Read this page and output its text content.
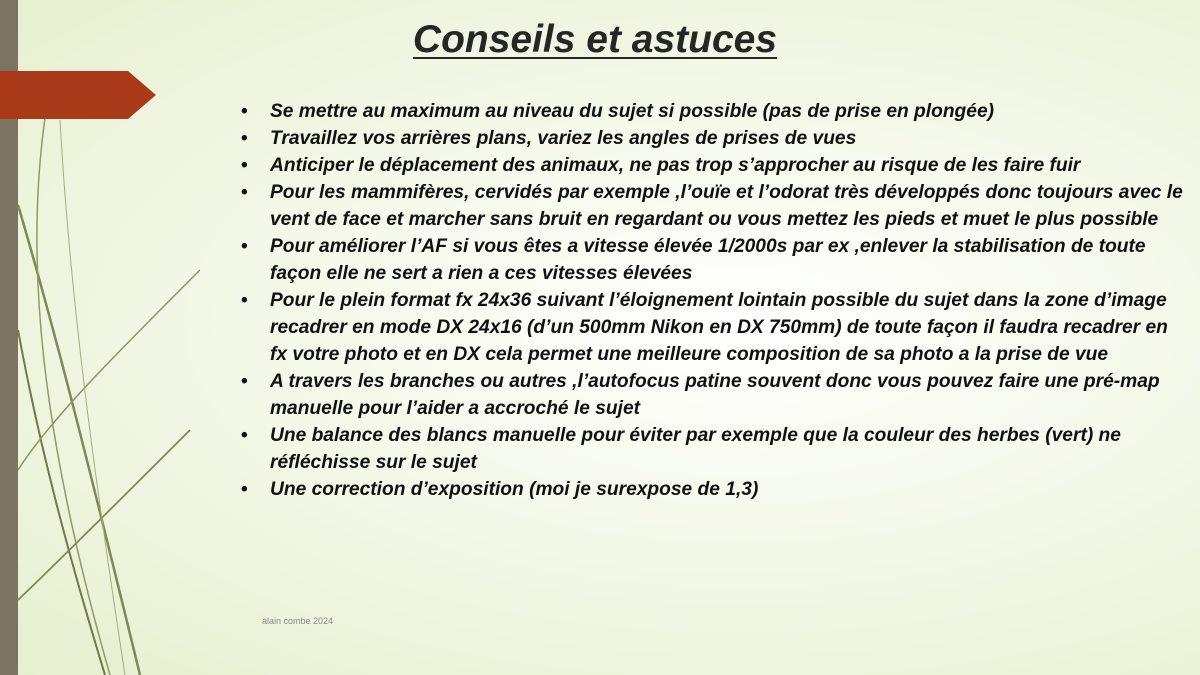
Conseils et astuces
• Se mettre au maximum au niveau du sujet si possible (pas de prise en plongée)
• Travaillez vos arrières plans, variez les angles de prises de vues
• Anticiper le déplacement des animaux, ne pas trop s’approcher au risque de les faire fuir
• Pour les mammifères, cervidés par exemple ,l’ouïe et l’odorat très développés donc toujours avec le vent de face et marcher sans bruit en regardant ou vous mettez les pieds et muet le plus possible
• Pour améliorer l’AF si vous êtes a vitesse élevée 1/2000s par ex ,enlever la stabilisation de toute façon elle ne sert a rien a ces vitesses élevées
• Pour le plein format fx 24x36 suivant l’éloignement lointain possible du sujet dans la zone d’image recadrer en mode DX 24x16 (d’un 500mm Nikon en DX 750mm) de toute façon il faudra recadrer en fx votre photo et en DX cela permet une meilleure composition de sa photo a la prise de vue
• A travers les branches ou autres ,l’autofocus patine souvent donc vous pouvez faire une pré-map manuelle pour l’aider a accroché le sujet
• Une balance des blancs manuelle pour éviter par exemple que la couleur des herbes (vert) ne réfléchisse sur le sujet
• Une correction d’exposition (moi je surexpose de 1,3)
alain combe 2024
